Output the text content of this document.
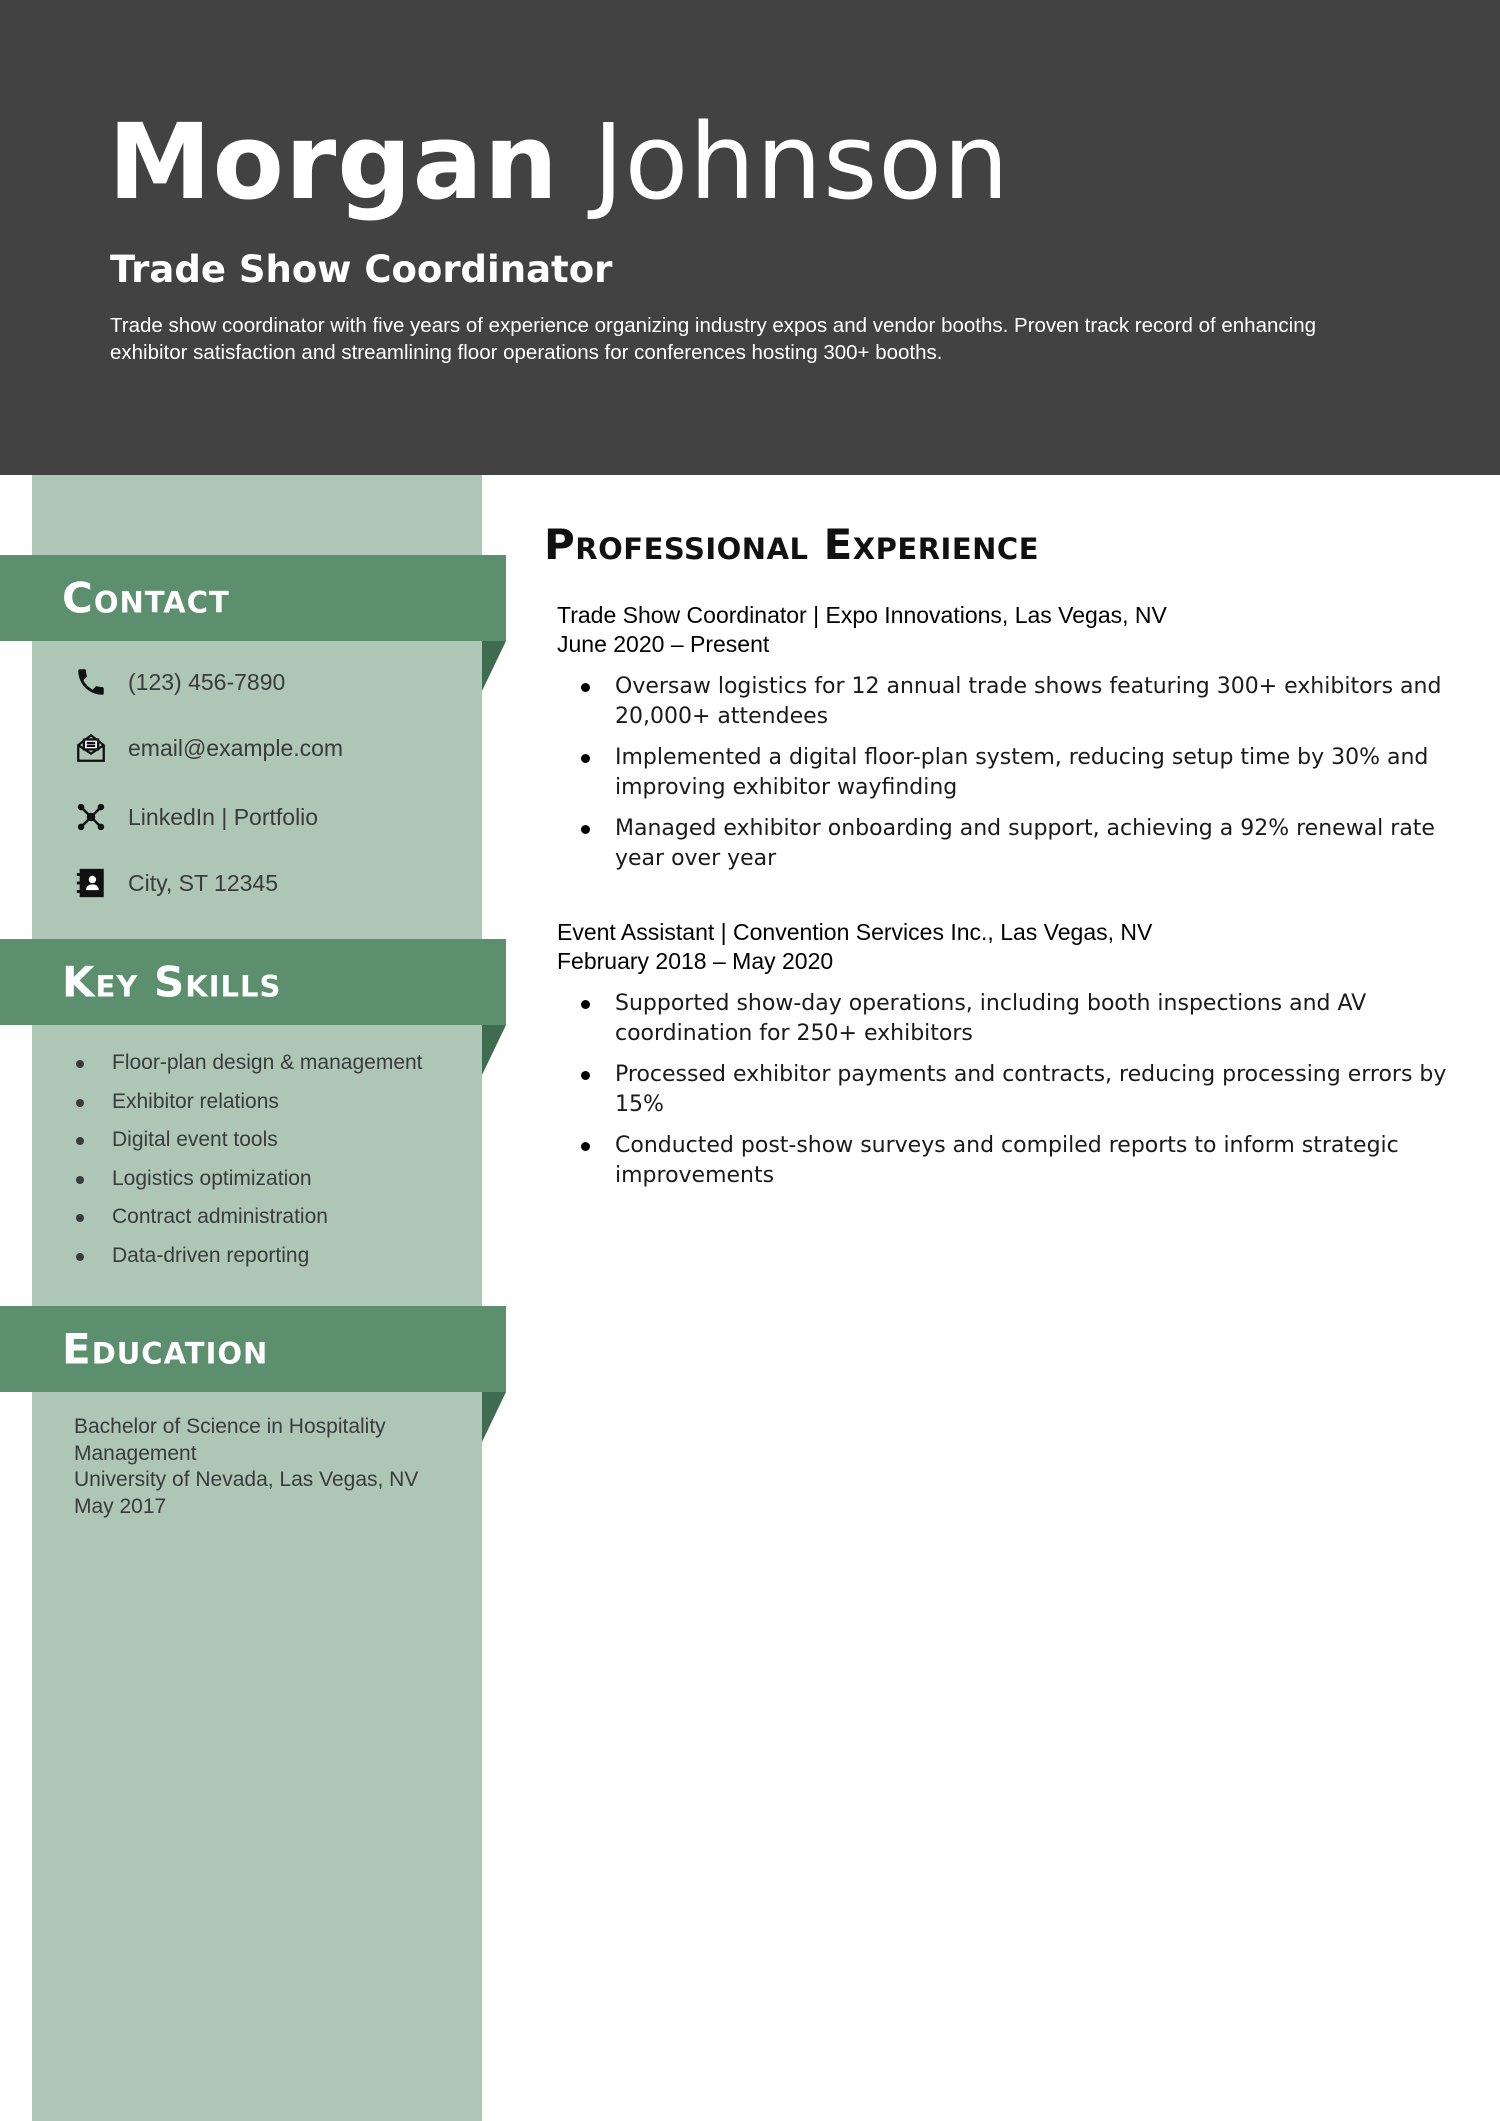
Morgan Johnson
Trade Show Coordinator
Trade show coordinator with five years of experience organizing industry expos and vendor booths. Proven track record of enhancing exhibitor satisfaction and streamlining floor operations for conferences hosting 300+ booths.
Contact
(123) 456-7890
email@example.com
LinkedIn | Portfolio
City, ST 12345
Key Skills
Floor-plan design & management
Exhibitor relations
Digital event tools
Logistics optimization
Contract administration
Data-driven reporting
Education
Bachelor of Science in Hospitality
Management
University of Nevada, Las Vegas, NV
May 2017
Professional Experience
Trade Show Coordinator | Expo Innovations, Las Vegas, NV
June 2020 – Present
Oversaw logistics for 12 annual trade shows featuring 300+ exhibitors and 20,000+ attendees
Implemented a digital floor-plan system, reducing setup time by 30% and improving exhibitor wayfinding
Managed exhibitor onboarding and support, achieving a 92% renewal rate year over year
Event Assistant | Convention Services Inc., Las Vegas, NV
February 2018 – May 2020
Supported show-day operations, including booth inspections and AV coordination for 250+ exhibitors
Processed exhibitor payments and contracts, reducing processing errors by 15%
Conducted post-show surveys and compiled reports to inform strategic improvements
